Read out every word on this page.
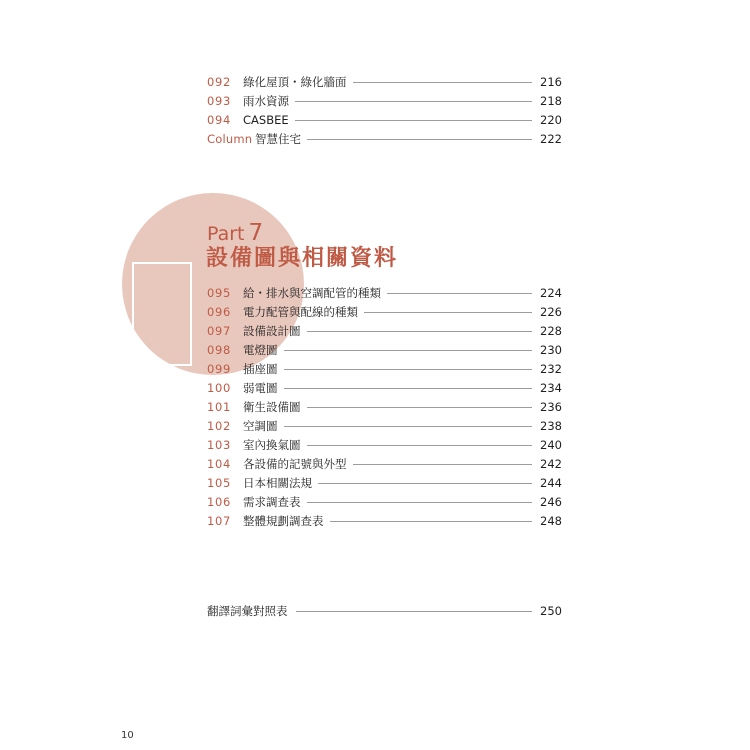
092	綠化屋頂・綠化牆面	216
093	雨水資源	218
094	CASBEE	220
Column 智慧住宅	222
Part 7
設備圖與相關資料
095	給・排水與空調配管的種類	224
096	電力配管與配線的種類	226
097	設備設計圖	228
098	電燈圖	230
099	插座圖	232
100	弱電圖	234
101	衛生設備圖	236
102	空調圖	238
103	室內換氣圖	240
104	各設備的記號與外型	242
105	日本相關法規	244
106	需求調查表	246
107	整體規劃調查表	248
翻譯詞彙對照表	250
10
